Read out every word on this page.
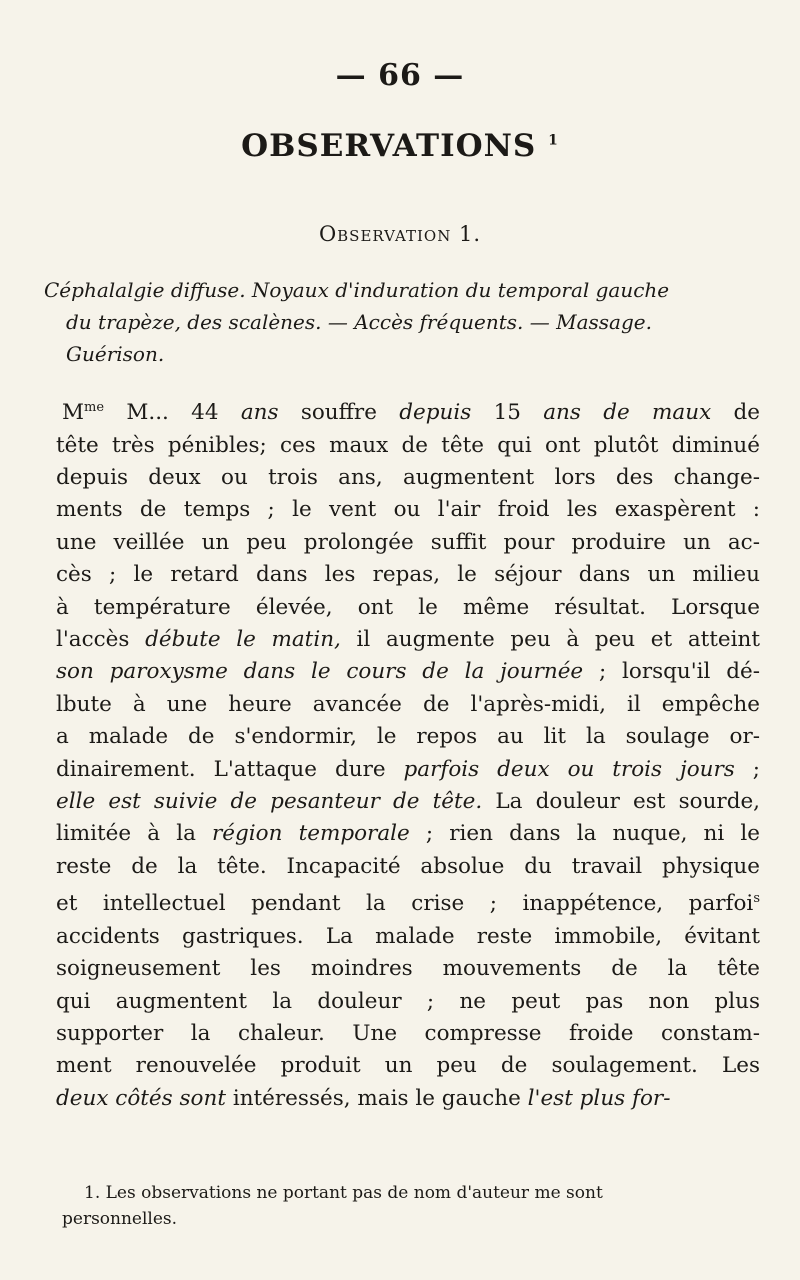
— 66 —
OBSERVATIONS $^1$
Observation 1.
Céphalalgie diffuse. Noyaux d'induration du temporal gauche
du trapèze, des scalènes. — Accès fréquents. — Massage.
Guérison.
$M^{me}$ M... 44 ans souffre depuis 15 ans de maux de
tête très pénibles; ces maux de tête qui ont plutôt diminué
depuis deux ou trois ans, augmentent lors des change-
ments de temps ; le vent ou l'air froid les exaspèrent :
une veillée un peu prolongée suffit pour produire un ac-
cès ; le retard dans les repas, le séjour dans un milieu
à température élevée, ont le même résultat. Lorsque
l'accès débute le matin, il augmente peu à peu et atteint
son paroxysme dans le cours de la journée ; lorsqu'il dé-
lbute à une heure avancée de l'après-midi, il empêche
a malade de s'endormir, le repos au lit la soulage or-
dinairement. L'attaque dure parfois deux ou trois jours ;
elle est suivie de pesanteur de tête. La douleur est sourde,
limitée à la région temporale ; rien dans la nuque, ni le
reste de la tête. Incapacité absolue du travail physique
et intellectuel pendant la crise ; inappétence, parfoi$^s$
accidents gastriques. La malade reste immobile, évitant
soigneusement les moindres mouvements de la tête
qui augmentent la douleur ; ne peut pas non plus
supporter la chaleur. Une compresse froide constam-
ment renouvelée produit un peu de soulagement. Les
deux côtés sont intéressés, mais le gauche l'est plus for-
1. Les observations ne portant pas de nom d'auteur me sont
personnelles.
